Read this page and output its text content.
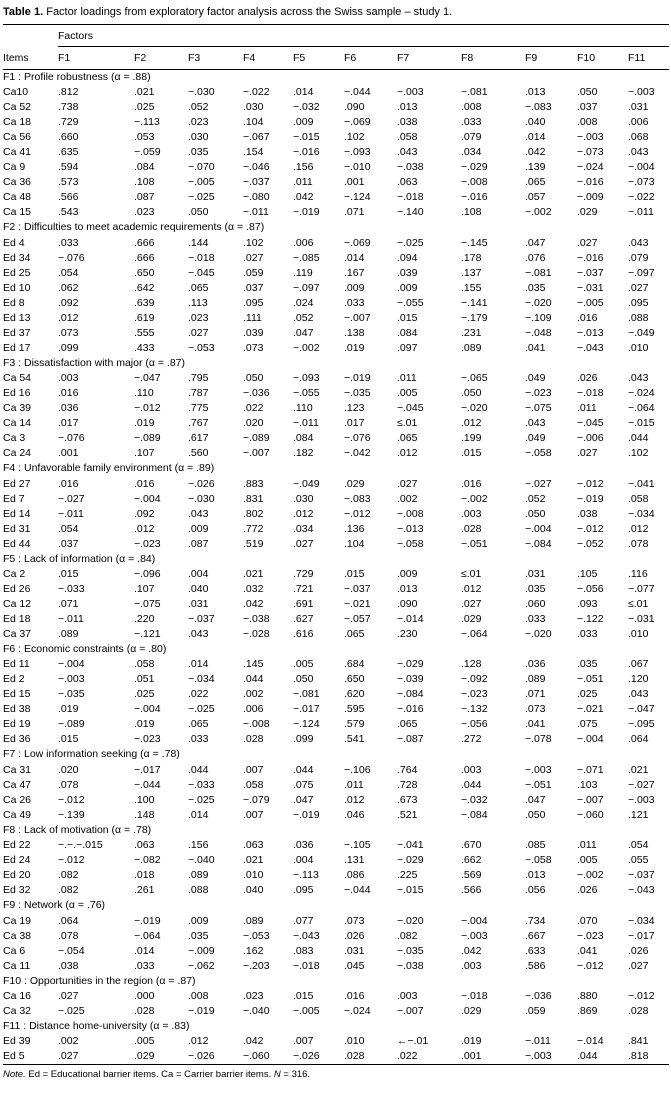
Table 1. Factor loadings from exploratory factor analysis across the Swiss sample – study 1.

	Factors										
Items	F1	F2	F3	F4	F5	F6	F7	F8	F9	F10	F11
F1 : Profile robustness (α = .88)											
Ca10	.812	.021	−.030	−.022	.014	−.044	−.003	−.081	.013	.050	−.003
Ca 52	.738	.025	.052	.030	−.032	.090	.013	.008	−.083	.037	.031
Ca 18	.729	−.113	.023	.104	.009	−.069	.038	.033	.040	.008	.006
Ca 56	.660	.053	.030	−.067	−.015	.102	.058	.079	.014	−.003	.068
Ca 41	.635	−.059	.035	.154	−.016	−.093	.043	.034	.042	−.073	.043
Ca 9	.594	.084	−.070	−.046	.156	−.010	−.038	−.029	.139	−.024	−.004
Ca 36	.573	.108	−.005	−.037	.011	.001	.063	−.008	.065	−.016	−.073
Ca 48	.566	.087	−.025	−.080	.042	−.124	−.018	−.016	.057	−.009	−.022
Ca 15	.543	.023	.050	−.011	−.019	.071	−.140	.108	−.002	.029	−.011
F2 : Difficulties to meet academic requirements (α = .87)											
Ed 4	.033	.666	.144	.102	.006	−.069	−.025	−.145	.047	.027	.043
Ed 34	−.076	.666	−.018	.027	−.085	.014	.094	.178	.076	−.016	.079
Ed 25	.054	.650	−.045	.059	.119	.167	.039	.137	−.081	−.037	−.097
Ed 10	.062	.642	.065	.037	−.097	.009	.009	.155	.035	−.031	.027
Ed 8	.092	.639	.113	.095	.024	.033	−.055	−.141	−.020	−.005	.095
Ed 13	.012	.619	.023	.111	.052	−.007	.015	−.179	−.109	.016	.088
Ed 37	.073	.555	.027	.039	.047	.138	.084	.231	−.048	−.013	−.049
Ed 17	.099	.433	−.053	.073	−.002	.019	.097	.089	.041	−.043	.010
F3 : Dissatisfaction with major (α = .87)											
Ca 54	.003	−.047	.795	.050	−.093	−.019	.011	−.065	.049	.026	.043
Ed 16	.016	.110	.787	−.036	−.055	−.035	.005	.050	−.023	−.018	−.024
Ca 39	.036	−.012	.775	.022	.110	.123	−.045	−.020	−.075	.011	−.064
Ca 14	.017	.019	.767	.020	−.011	.017	≤.01	.012	.043	−.045	−.015
Ca 3	−.076	−.089	.617	−.089	.084	−.076	.065	.199	.049	−.006	.044
Ca 24	.001	.107	.560	−.007	.182	−.042	.012	.015	−.058	.027	.102
F4 : Unfavorable family environment (α = .89)											
Ed 27	.016	.016	−.026	.883	−.049	.029	.027	.016	−.027	−.012	−.041
Ed 7	−.027	−.004	−.030	.831	.030	−.083	.002	−.002	.052	−.019	.058
Ed 14	−.011	.092	.043	.802	.012	−.012	−.008	.003	.050	.038	−.034
Ed 31	.054	.012	.009	.772	.034	.136	−.013	.028	−.004	−.012	.012
Ed 44	.037	−.023	.087	.519	.027	.104	−.058	−.051	−.084	−.052	.078
F5 : Lack of information (α = .84)											
Ca 2	.015	−.096	.004	.021	.729	.015	.009	≤.01	.031	.105	.116
Ed 26	−.033	.107	.040	.032	.721	−.037	.013	.012	.035	−.056	−.077
Ca 12	.071	−.075	.031	.042	.691	−.021	.090	.027	.060	.093	≤.01
Ed 18	−.011	.220	−.037	−.038	.627	−.057	−.014	.029	.033	−.122	−.031
Ca 37	.089	−.121	.043	−.028	.616	.065	.230	−.064	−.020	.033	.010
F6 : Economic constraints (α = .80)											
Ed 11	−.004	.058	.014	.145	.005	.684	−.029	.128	.036	.035	.067
Ed 2	−.003	.051	−.034	.044	.050	.650	−.039	−.092	.089	−.051	.120
Ed 15	−.035	.025	.022	.002	−.081	.620	−.084	−.023	.071	.025	.043
Ed 38	.019	−.004	−.025	.006	−.017	.595	−.016	−.132	.073	−.021	−.047
Ed 19	−.089	.019	.065	−.008	−.124	.579	.065	−.056	.041	.075	−.095
Ed 36	.015	−.023	.033	.028	.099	.541	−.087	.272	−.078	−.004	.064
F7 : Low information seeking (α = .78)											
Ca 31	.020	−.017	.044	.007	.044	−.106	.764	.003	−.003	−.071	.021
Ca 47	.078	−.044	−.033	.058	.075	.011	.728	.044	−.051	.103	−.027
Ca 26	−.012	.100	−.025	−.079	.047	.012	.673	−.032	.047	−.007	−.003
Ca 49	−.139	.148	.014	.007	−.019	.046	.521	−.084	.050	−.060	.121
F8 : Lack of motivation (α = .78)											
Ed 22	−.−.−.015	.063	.156	.063	.036	−.105	−.041	.670	.085	.011	.054
Ed 24	−.012	−.082	−.040	.021	.004	.131	−.029	.662	−.058	.005	.055
Ed 20	.082	.018	.089	.010	−.113	.086	.225	.569	.013	−.002	−.037
Ed 32	.082	.261	.088	.040	.095	−.044	−.015	.566	.056	.026	−.043
F9 : Network (α = .76)											
Ca 19	.064	−.019	.009	.089	.077	.073	−.020	−.004	.734	.070	−.034
Ca 38	.078	−.064	.035	−.053	−.043	.026	.082	−.003	.667	−.023	−.017
Ca 6	−.054	.014	−.009	.162	.083	.031	−.035	.042	.633	.041	.026
Ca 11	.038	.033	−.062	−.203	−.018	.045	−.038	.003	.586	−.012	.027
F10 : Opportunities in the region (α = .87)											
Ca 16	.027	.000	.008	.023	.015	.016	.003	−.018	−.036	.880	−.012
Ca 32	−.025	.028	−.019	−.040	−.005	−.024	−.007	.029	.059	.869	.028
F11 : Distance home-university (α = .83)											
Ed 39	.002	.005	.012	.042	.007	.010	←−.01	.019	−.011	−.014	.841
Ed 5	.027	.029	−.026	−.060	−.026	.028	.022	.001	−.003	.044	.818

Note. Ed = Educational barrier items. Ca = Carrier barrier items. N = 316.
